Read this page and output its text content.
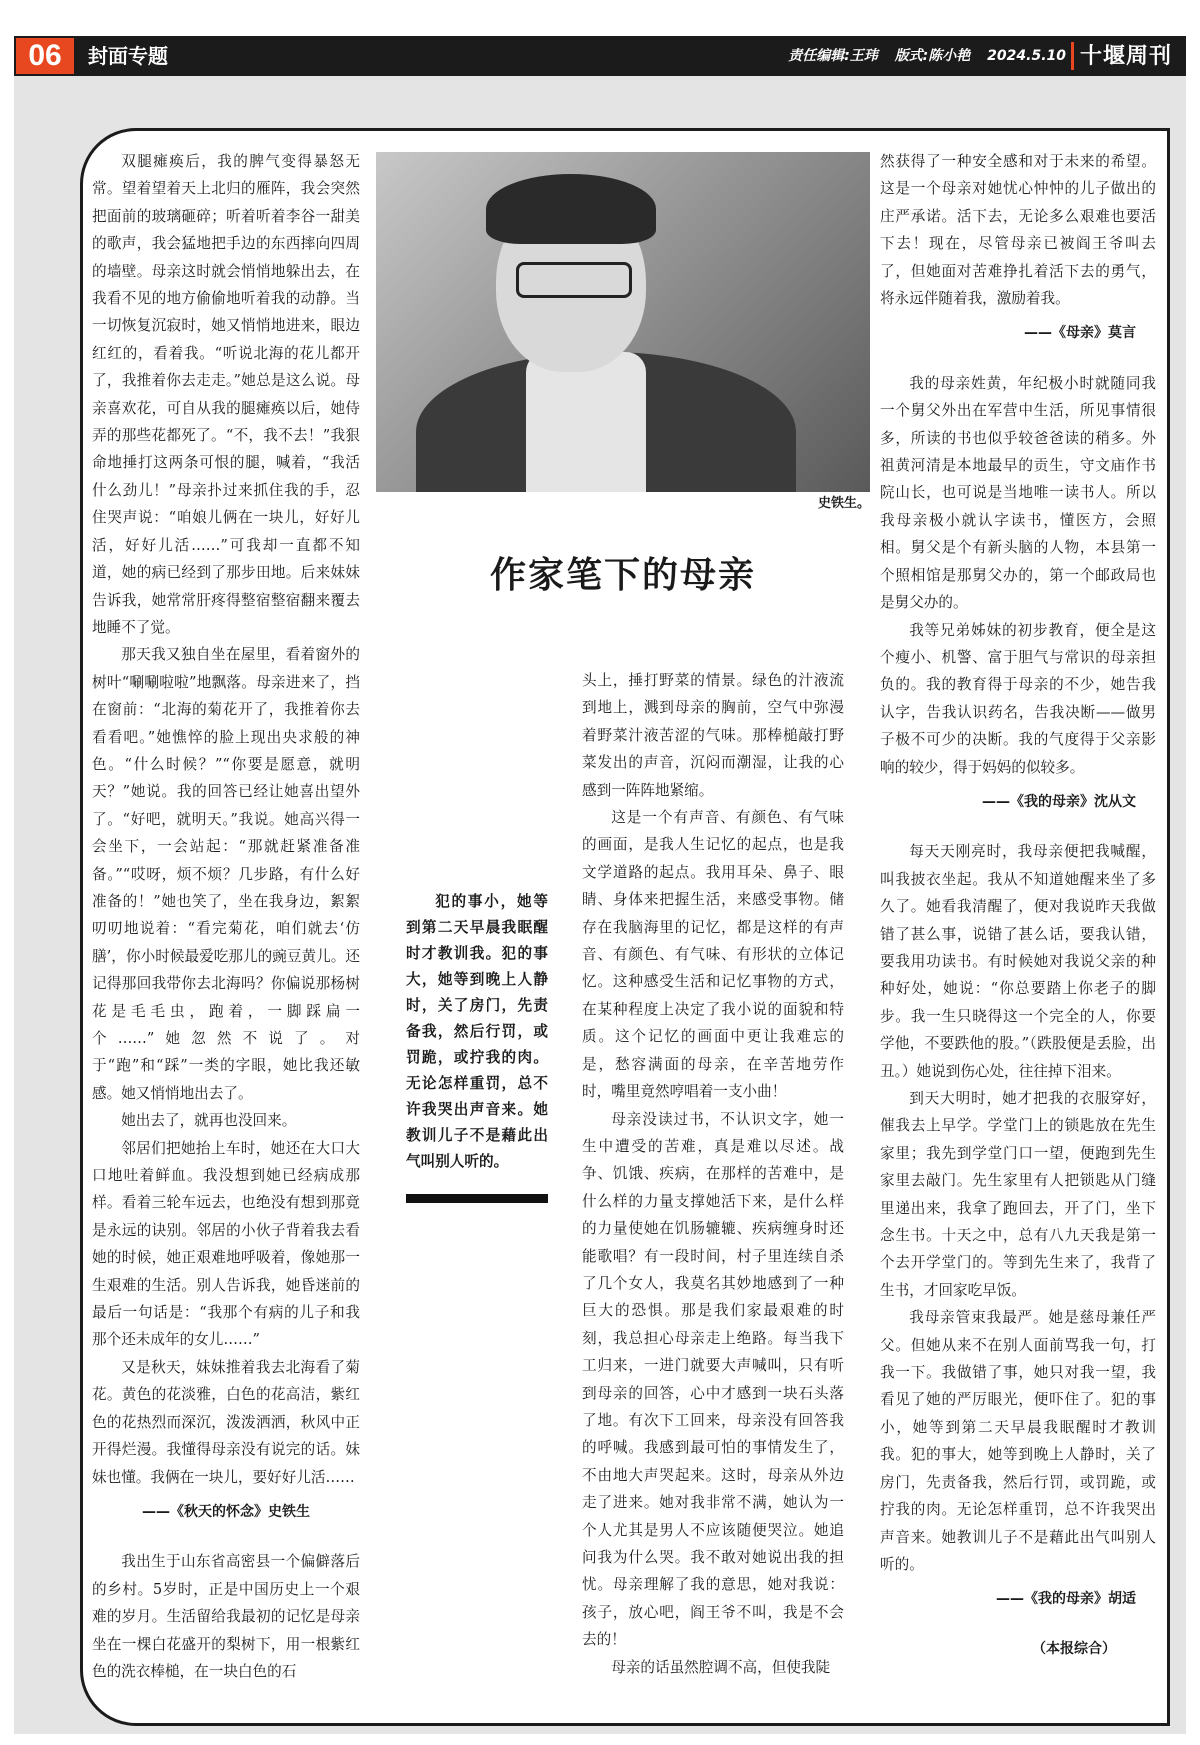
06	封面专题	责任编辑:王玮 版式:陈小艳 2024.5.10 十堰周刊

双腿瘫痪后，我的脾气变得暴怒无常。望着望着天上北归的雁阵，我会突然把面前的玻璃砸碎；听着听着李谷一甜美的歌声，我会猛地把手边的东西摔向四周的墙壁。母亲这时就会悄悄地躲出去，在我看不见的地方偷偷地听着我的动静。当一切恢复沉寂时，她又悄悄地进来，眼边红红的，看着我。“听说北海的花儿都开了，我推着你去走走。”她总是这么说。母亲喜欢花，可自从我的腿瘫痪以后，她侍弄的那些花都死了。“不，我不去！”我狠命地捶打这两条可恨的腿，喊着，“我活什么劲儿！”母亲扑过来抓住我的手，忍住哭声说：“咱娘儿俩在一块儿，好好儿活，好好儿活……”可我却一直都不知道，她的病已经到了那步田地。后来妹妹告诉我，她常常肝疼得整宿整宿翻来覆去地睡不了觉。

那天我又独自坐在屋里，看着窗外的树叶“唰唰啦啦”地飘落。母亲进来了，挡在窗前：“北海的菊花开了，我推着你去看看吧。”她憔悴的脸上现出央求般的神色。“什么时候？”“你要是愿意，就明天？”她说。我的回答已经让她喜出望外了。“好吧，就明天。”我说。她高兴得一会坐下，一会站起：“那就赶紧准备准备。”“哎呀，烦不烦？几步路，有什么好准备的！”她也笑了，坐在我身边，絮絮叨叨地说着：“看完菊花，咱们就去‘仿膳’，你小时候最爱吃那儿的豌豆黄儿。还记得那回我带你去北海吗？你偏说那杨树花是毛毛虫，跑着，一脚踩扁一个……”她忽然不说了。对于“跑”和“踩”一类的字眼，她比我还敏感。她又悄悄地出去了。

她出去了，就再也没回来。

邻居们把她抬上车时，她还在大口大口地吐着鲜血。我没想到她已经病成那样。看着三轮车远去，也绝没有想到那竟是永远的诀别。邻居的小伙子背着我去看她的时候，她正艰难地呼吸着，像她那一生艰难的生活。别人告诉我，她昏迷前的最后一句话是：“我那个有病的儿子和我那个还未成年的女儿……”

又是秋天，妹妹推着我去北海看了菊花。黄色的花淡雅，白色的花高洁，紫红色的花热烈而深沉，泼泼洒洒，秋风中正开得烂漫。我懂得母亲没有说完的话。妹妹也懂。我俩在一块儿，要好好儿活……

——《秋天的怀念》史铁生

我出生于山东省高密县一个偏僻落后的乡村。5岁时，正是中国历史上一个艰难的岁月。生活留给我最初的记忆是母亲坐在一棵白花盛开的梨树下，用一根紫红色的洗衣棒槌，在一块白色的石

史铁生。
作家笔下的母亲

犯的事小，她等到第二天早晨我眠醒时才教训我。犯的事大，她等到晚上人静时，关了房门，先责备我，然后行罚，或罚跪，或拧我的肉。无论怎样重罚，总不许我哭出声音来。她教训儿子不是藉此出气叫别人听的。

头上，捶打野菜的情景。绿色的汁液流到地上，溅到母亲的胸前，空气中弥漫着野菜汁液苦涩的气味。那棒槌敲打野菜发出的声音，沉闷而潮湿，让我的心感到一阵阵地紧缩。

这是一个有声音、有颜色、有气味的画面，是我人生记忆的起点，也是我文学道路的起点。我用耳朵、鼻子、眼睛、身体来把握生活，来感受事物。储存在我脑海里的记忆，都是这样的有声音、有颜色、有气味、有形状的立体记忆。这种感受生活和记忆事物的方式，在某种程度上决定了我小说的面貌和特质。这个记忆的画面中更让我难忘的是，愁容满面的母亲，在辛苦地劳作时，嘴里竟然哼唱着一支小曲！

母亲没读过书，不认识文字，她一生中遭受的苦难，真是难以尽述。战争、饥饿、疾病，在那样的苦难中，是什么样的力量支撑她活下来，是什么样的力量使她在饥肠辘辘、疾病缠身时还能歌唱？有一段时间，村子里连续自杀了几个女人，我莫名其妙地感到了一种巨大的恐惧。那是我们家最艰难的时刻，我总担心母亲走上绝路。每当我下工归来，一进门就要大声喊叫，只有听到母亲的回答，心中才感到一块石头落了地。有次下工回来，母亲没有回答我的呼喊。我感到最可怕的事情发生了，不由地大声哭起来。这时，母亲从外边走了进来。她对我非常不满，她认为一个人尤其是男人不应该随便哭泣。她追问我为什么哭。我不敢对她说出我的担忧。母亲理解了我的意思，她对我说：孩子，放心吧，阎王爷不叫，我是不会去的！

母亲的话虽然腔调不高，但使我陡

然获得了一种安全感和对于未来的希望。这是一个母亲对她忧心忡忡的儿子做出的庄严承诺。活下去，无论多么艰难也要活下去！现在，尽管母亲已被阎王爷叫去了，但她面对苦难挣扎着活下去的勇气，将永远伴随着我，激励着我。

——《母亲》莫言

我的母亲姓黄，年纪极小时就随同我一个舅父外出在军营中生活，所见事情很多，所读的书也似乎较爸爸读的稍多。外祖黄河清是本地最早的贡生，守文庙作书院山长，也可说是当地唯一读书人。所以我母亲极小就认字读书，懂医方，会照相。舅父是个有新头脑的人物，本县第一个照相馆是那舅父办的，第一个邮政局也是舅父办的。

我等兄弟姊妹的初步教育，便全是这个瘦小、机警、富于胆气与常识的母亲担负的。我的教育得于母亲的不少，她告我认字，告我认识药名，告我决断——做男子极不可少的决断。我的气度得于父亲影响的较少，得于妈妈的似较多。

——《我的母亲》沈从文

每天天刚亮时，我母亲便把我喊醒，叫我披衣坐起。我从不知道她醒来坐了多久了。她看我清醒了，便对我说昨天我做错了甚么事，说错了甚么话，要我认错，要我用功读书。有时候她对我说父亲的种种好处，她说：“你总要踏上你老子的脚步。我一生只晓得这一个完全的人，你要学他，不要跌他的股。”（跌股便是丢脸，出丑。）她说到伤心处，往往掉下泪来。

到天大明时，她才把我的衣服穿好，催我去上早学。学堂门上的锁匙放在先生家里；我先到学堂门口一望，便跑到先生家里去敲门。先生家里有人把锁匙从门缝里递出来，我拿了跑回去，开了门，坐下念生书。十天之中，总有八九天我是第一个去开学堂门的。等到先生来了，我背了生书，才回家吃早饭。

我母亲管束我最严。她是慈母兼任严父。但她从来不在别人面前骂我一句，打我一下。我做错了事，她只对我一望，我看见了她的严厉眼光，便吓住了。犯的事小，她等到第二天早晨我眠醒时才教训我。犯的事大，她等到晚上人静时，关了房门，先责备我，然后行罚，或罚跪，或拧我的肉。无论怎样重罚，总不许我哭出声音来。她教训儿子不是藉此出气叫别人听的。

——《我的母亲》胡适

（本报综合）
